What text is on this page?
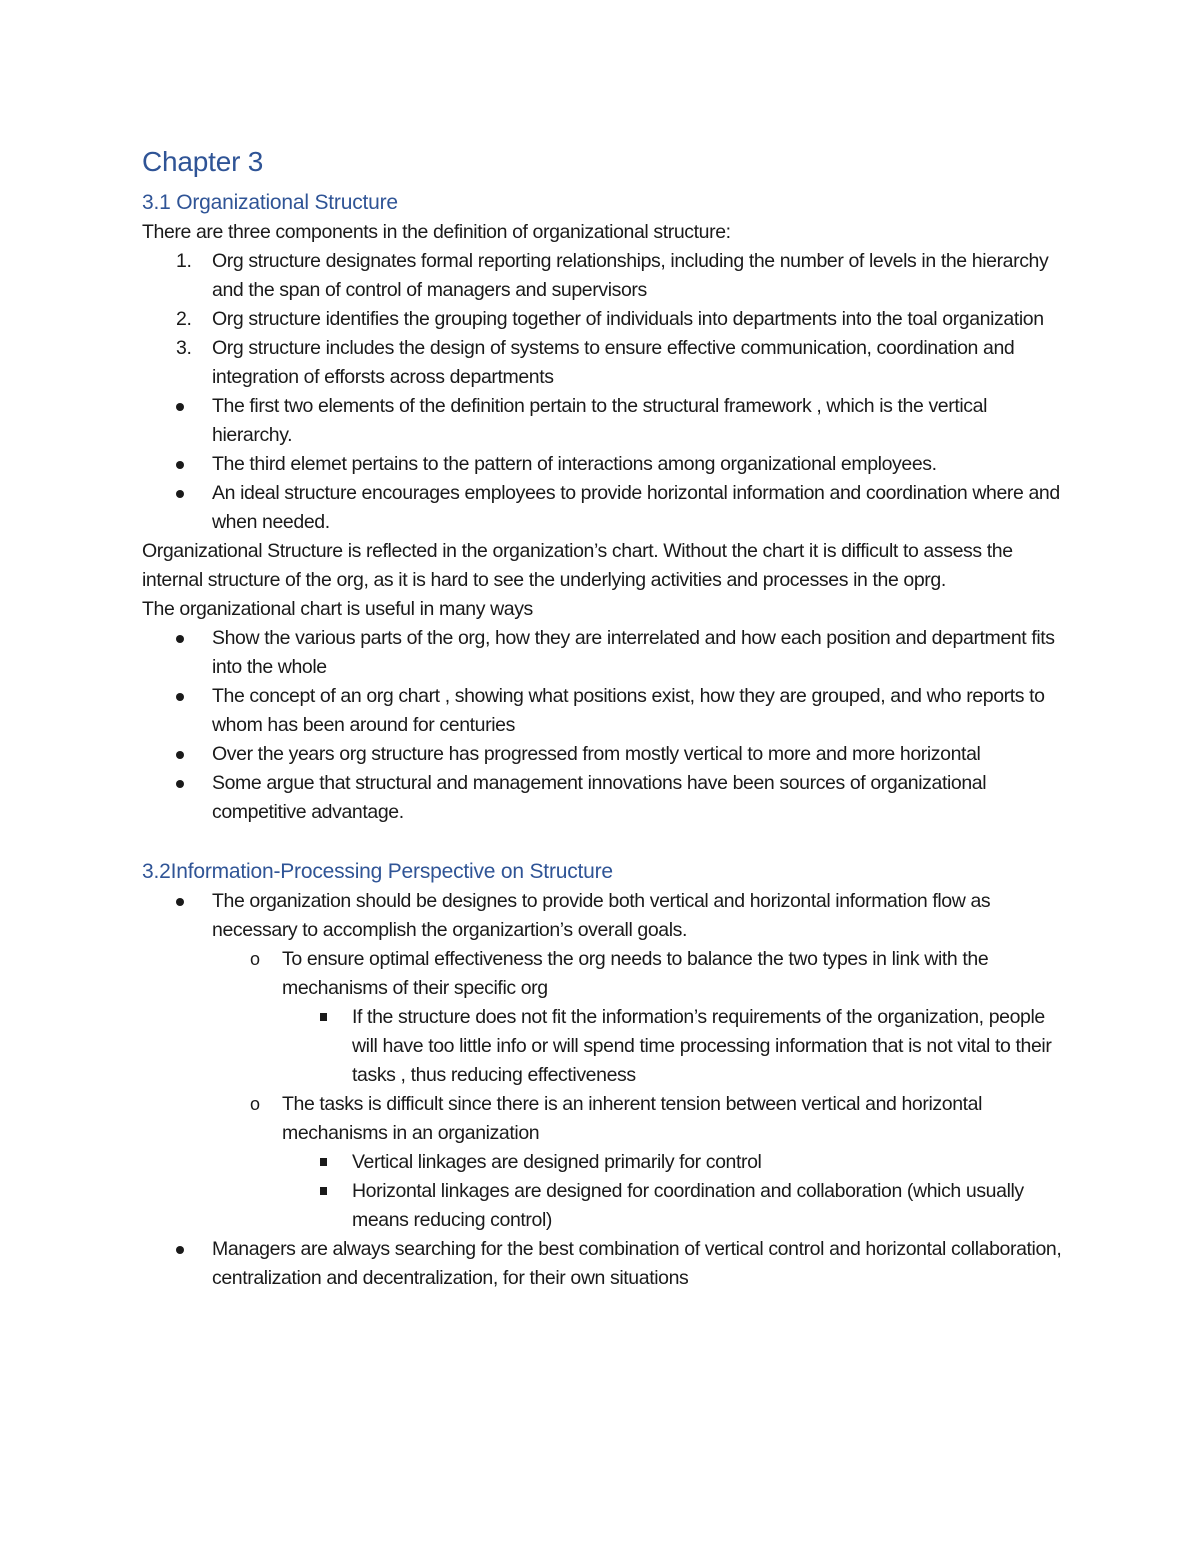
Chapter 3
3.1 Organizational Structure

There are three components in the definition of organizational structure:

1. Org structure designates formal reporting relationships, including the number of levels in the hierarchy and the span of control of managers and supervisors
2. Org structure identifies the grouping together of individuals into departments into the toal organization
3. Org structure includes the design of systems to ensure effective communication, coordination and integration of efforsts across departments
The first two elements of the definition pertain to the structural framework , which is the vertical hierarchy.
The third elemet pertains to the pattern of interactions among organizational employees.
An ideal structure encourages employees to provide horizontal information and coordination where and when needed.

Organizational Structure is reflected in the organization’s chart. Without the chart it is difficult to assess the internal structure of the org, as it is hard to see the underlying activities and processes in the oprg.

The organizational chart is useful in many ways

Show the various parts of the org, how they are interrelated and how each position and department fits into the whole
The concept of an org chart , showing what positions exist, how they are grouped, and who reports to whom has been around for centuries
Over the years org structure has progressed from mostly vertical to more and more horizontal
Some argue that structural and management innovations have been sources of organizational competitive advantage.
3.2Information-Processing Perspective on Structure
The organization should be designes to provide both vertical and horizontal information flow as necessary to accomplish the organizartion’s overall goals.
o To ensure optimal effectiveness the org needs to balance the two types in link with the mechanisms of their specific org
If the structure does not fit the information’s requirements of the organization, people will have too little info or will spend time processing information that is not vital to their tasks , thus reducing effectiveness
o The tasks is difficult since there is an inherent tension between vertical and horizontal mechanisms in an organization
Vertical linkages are designed primarily for control
Horizontal linkages are designed for coordination and collaboration (which usually means reducing control)
Managers are always searching for the best combination of vertical control and horizontal collaboration, centralization and decentralization, for their own situations
